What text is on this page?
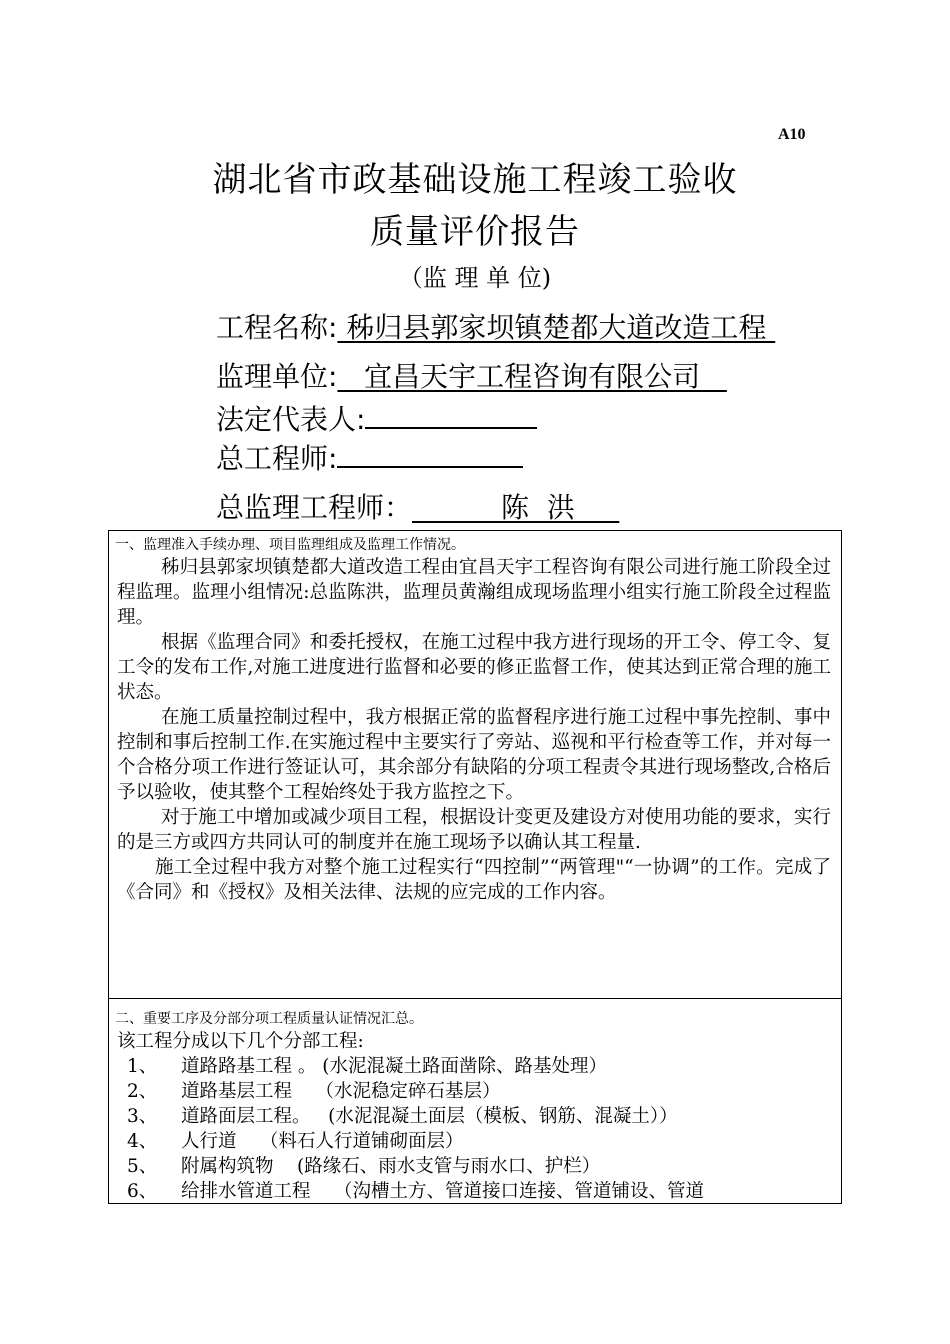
A10
湖北省市政基础设施工程竣工验收
质量评价报告
（监 理 单 位)
工程名称: 秭归县郭家坝镇楚都大道改造工程
监理单位:   宜昌天宇工程咨询有限公司
法定代表人:
总工程师:
总监理工程师：          陈  洪
一、监理准入手续办理、项目监理组成及监理工作情况。
秭归县郭家坝镇楚都大道改造工程由宜昌天宇工程咨询有限公司进行施工阶段全过程监理。监理小组情况:总监陈洪，监理员黄瀚组成现场监理小组实行施工阶段全过程监理。
根据《监理合同》和委托授权，在施工过程中我方进行现场的开工令、停工令、复工令的发布工作,对施工进度进行监督和必要的修正监督工作，使其达到正常合理的施工状态。
在施工质量控制过程中，我方根据正常的监督程序进行施工过程中事先控制、事中控制和事后控制工作.在实施过程中主要实行了旁站、巡视和平行检查等工作，并对每一个合格分项工作进行签证认可，其余部分有缺陷的分项工程责令其进行现场整改,合格后予以验收，使其整个工程始终处于我方监控之下。
对于施工中增加或减少项目工程，根据设计变更及建设方对使用功能的要求，实行的是三方或四方共同认可的制度并在施工现场予以确认其工程量.
施工全过程中我方对整个施工过程实行“四控制”“两管理"“一协调”的工作。完成了《合同》和《授权》及相关法律、法规的应完成的工作内容。
二、重要工序及分部分项工程质量认证情况汇总。
该工程分成以下几个分部工程:
1、 道路路基工程 。 (水泥混凝土路面凿除、路基处理）
2、 道路基层工程    （水泥稳定碎石基层）
3、 道路面层工程。   (水泥混凝土面层（模板、钢筋、混凝土））
4、 人行道    （料石人行道铺砌面层）
5、 附属构筑物    (路缘石、雨水支管与雨水口、护栏）
6、 给排水管道工程    （沟槽土方、管道接口连接、管道铺设、管道
